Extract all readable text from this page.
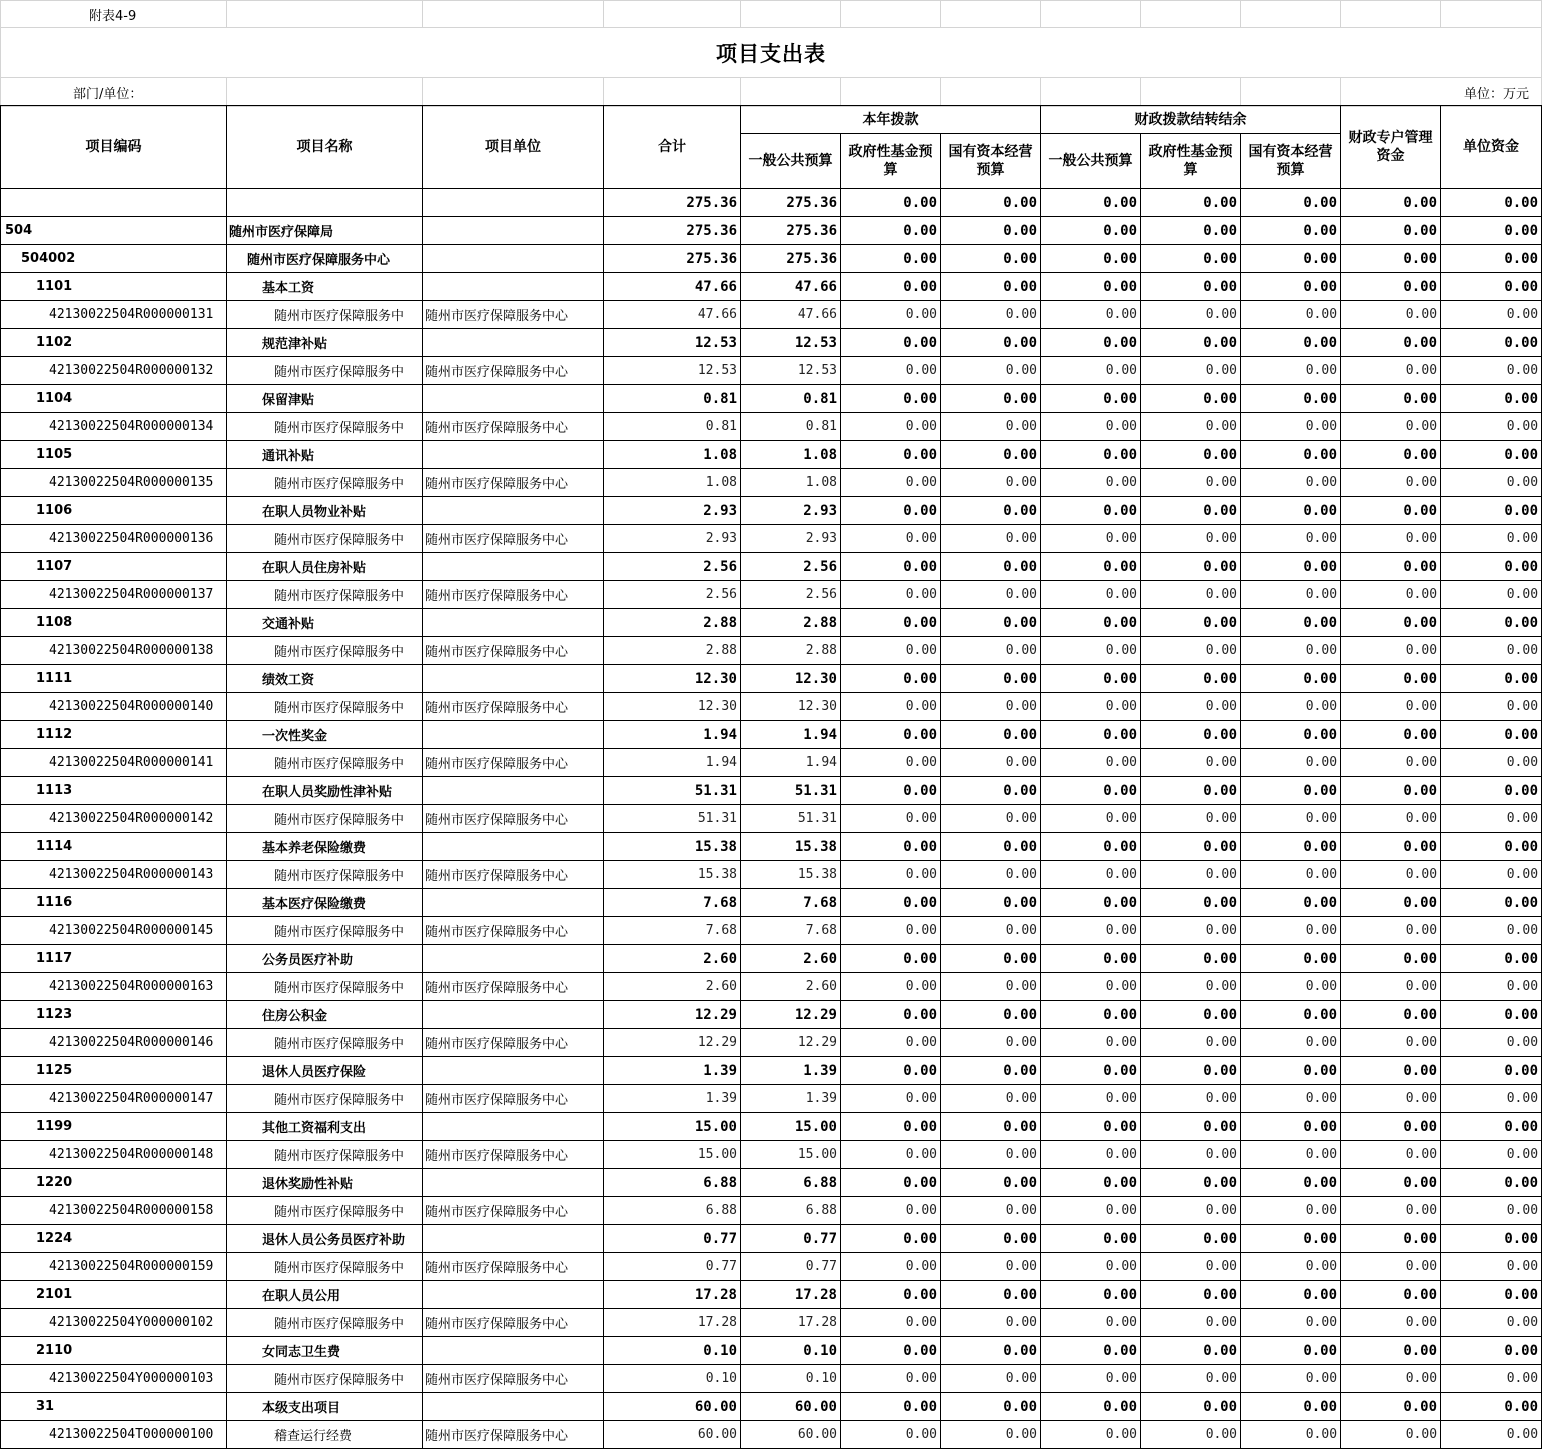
附表4-9											
项目支出表											
部门/单位：										单位：万元	
项目编码	项目名称	项目单位	合计	本年拨款			财政拨款结转结余			财政专户管理资金	单位资金
				一般公共预算	政府性基金预算	国有资本经营预算	一般公共预算	政府性基金预算	国有资本经营预算		
			275.36	275.36	0.00	0.00	0.00	0.00	0.00	0.00	0.00
504	随州市医疗保障局		275.36	275.36	0.00	0.00	0.00	0.00	0.00	0.00	0.00
504002	随州市医疗保障服务中心		275.36	275.36	0.00	0.00	0.00	0.00	0.00	0.00	0.00
1101	基本工资		47.66	47.66	0.00	0.00	0.00	0.00	0.00	0.00	0.00
42130022504R000000131	随州市医疗保障服务中	随州市医疗保障服务中心	47.66	47.66	0.00	0.00	0.00	0.00	0.00	0.00	0.00
1102	规范津补贴		12.53	12.53	0.00	0.00	0.00	0.00	0.00	0.00	0.00
42130022504R000000132	随州市医疗保障服务中	随州市医疗保障服务中心	12.53	12.53	0.00	0.00	0.00	0.00	0.00	0.00	0.00
1104	保留津贴		0.81	0.81	0.00	0.00	0.00	0.00	0.00	0.00	0.00
42130022504R000000134	随州市医疗保障服务中	随州市医疗保障服务中心	0.81	0.81	0.00	0.00	0.00	0.00	0.00	0.00	0.00
1105	通讯补贴		1.08	1.08	0.00	0.00	0.00	0.00	0.00	0.00	0.00
42130022504R000000135	随州市医疗保障服务中	随州市医疗保障服务中心	1.08	1.08	0.00	0.00	0.00	0.00	0.00	0.00	0.00
1106	在职人员物业补贴		2.93	2.93	0.00	0.00	0.00	0.00	0.00	0.00	0.00
42130022504R000000136	随州市医疗保障服务中	随州市医疗保障服务中心	2.93	2.93	0.00	0.00	0.00	0.00	0.00	0.00	0.00
1107	在职人员住房补贴		2.56	2.56	0.00	0.00	0.00	0.00	0.00	0.00	0.00
42130022504R000000137	随州市医疗保障服务中	随州市医疗保障服务中心	2.56	2.56	0.00	0.00	0.00	0.00	0.00	0.00	0.00
1108	交通补贴		2.88	2.88	0.00	0.00	0.00	0.00	0.00	0.00	0.00
42130022504R000000138	随州市医疗保障服务中	随州市医疗保障服务中心	2.88	2.88	0.00	0.00	0.00	0.00	0.00	0.00	0.00
1111	绩效工资		12.30	12.30	0.00	0.00	0.00	0.00	0.00	0.00	0.00
42130022504R000000140	随州市医疗保障服务中	随州市医疗保障服务中心	12.30	12.30	0.00	0.00	0.00	0.00	0.00	0.00	0.00
1112	一次性奖金		1.94	1.94	0.00	0.00	0.00	0.00	0.00	0.00	0.00
42130022504R000000141	随州市医疗保障服务中	随州市医疗保障服务中心	1.94	1.94	0.00	0.00	0.00	0.00	0.00	0.00	0.00
1113	在职人员奖励性津补贴		51.31	51.31	0.00	0.00	0.00	0.00	0.00	0.00	0.00
42130022504R000000142	随州市医疗保障服务中	随州市医疗保障服务中心	51.31	51.31	0.00	0.00	0.00	0.00	0.00	0.00	0.00
1114	基本养老保险缴费		15.38	15.38	0.00	0.00	0.00	0.00	0.00	0.00	0.00
42130022504R000000143	随州市医疗保障服务中	随州市医疗保障服务中心	15.38	15.38	0.00	0.00	0.00	0.00	0.00	0.00	0.00
1116	基本医疗保险缴费		7.68	7.68	0.00	0.00	0.00	0.00	0.00	0.00	0.00
42130022504R000000145	随州市医疗保障服务中	随州市医疗保障服务中心	7.68	7.68	0.00	0.00	0.00	0.00	0.00	0.00	0.00
1117	公务员医疗补助		2.60	2.60	0.00	0.00	0.00	0.00	0.00	0.00	0.00
42130022504R000000163	随州市医疗保障服务中	随州市医疗保障服务中心	2.60	2.60	0.00	0.00	0.00	0.00	0.00	0.00	0.00
1123	住房公积金		12.29	12.29	0.00	0.00	0.00	0.00	0.00	0.00	0.00
42130022504R000000146	随州市医疗保障服务中	随州市医疗保障服务中心	12.29	12.29	0.00	0.00	0.00	0.00	0.00	0.00	0.00
1125	退休人员医疗保险		1.39	1.39	0.00	0.00	0.00	0.00	0.00	0.00	0.00
42130022504R000000147	随州市医疗保障服务中	随州市医疗保障服务中心	1.39	1.39	0.00	0.00	0.00	0.00	0.00	0.00	0.00
1199	其他工资福利支出		15.00	15.00	0.00	0.00	0.00	0.00	0.00	0.00	0.00
42130022504R000000148	随州市医疗保障服务中	随州市医疗保障服务中心	15.00	15.00	0.00	0.00	0.00	0.00	0.00	0.00	0.00
1220	退休奖励性补贴		6.88	6.88	0.00	0.00	0.00	0.00	0.00	0.00	0.00
42130022504R000000158	随州市医疗保障服务中	随州市医疗保障服务中心	6.88	6.88	0.00	0.00	0.00	0.00	0.00	0.00	0.00
1224	退休人员公务员医疗补助		0.77	0.77	0.00	0.00	0.00	0.00	0.00	0.00	0.00
42130022504R000000159	随州市医疗保障服务中	随州市医疗保障服务中心	0.77	0.77	0.00	0.00	0.00	0.00	0.00	0.00	0.00
2101	在职人员公用		17.28	17.28	0.00	0.00	0.00	0.00	0.00	0.00	0.00
42130022504Y000000102	随州市医疗保障服务中	随州市医疗保障服务中心	17.28	17.28	0.00	0.00	0.00	0.00	0.00	0.00	0.00
2110	女同志卫生费		0.10	0.10	0.00	0.00	0.00	0.00	0.00	0.00	0.00
42130022504Y000000103	随州市医疗保障服务中	随州市医疗保障服务中心	0.10	0.10	0.00	0.00	0.00	0.00	0.00	0.00	0.00
31	本级支出项目		60.00	60.00	0.00	0.00	0.00	0.00	0.00	0.00	0.00
42130022504T000000100	稽查运行经费	随州市医疗保障服务中心	60.00	60.00	0.00	0.00	0.00	0.00	0.00	0.00	0.00
